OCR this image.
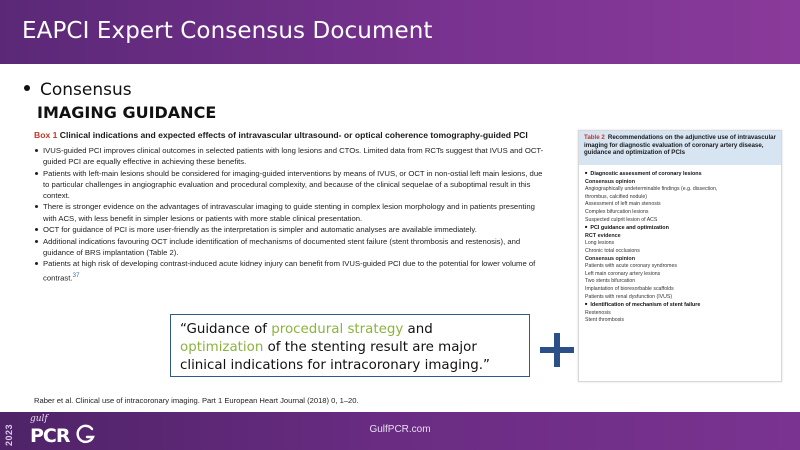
EAPCI Expert Consensus Document
Consensus
IMAGING GUIDANCE
Box 1 Clinical indications and expected effects of intravascular ultrasound- or optical coherence tomography-guided PCI
IVUS-guided PCI improves clinical outcomes in selected patients with long lesions and CTOs. Limited data from RCTs suggest that IVUS and OCT-guided PCI are equally effective in achieving these benefits.
Patients with left-main lesions should be considered for imaging-guided interventions by means of IVUS, or OCT in non-ostial left main lesions, due to particular challenges in angiographic evaluation and procedural complexity, and because of the clinical sequelae of a suboptimal result in this context.
There is stronger evidence on the advantages of intravascular imaging to guide stenting in complex lesion morphology and in patients presenting with ACS, with less benefit in simpler lesions or patients with more stable clinical presentation.
OCT for guidance of PCI is more user-friendly as the interpretation is simpler and automatic analyses are available immediately.
Additional indications favouring OCT include identification of mechanisms of documented stent failure (stent thrombosis and restenosis), and guidance of BRS implantation (Table 2).
Patients at high risk of developing contrast-induced acute kidney injury can benefit from IVUS-guided PCI due to the potential for lower volume of contrast.$^{37}$
“Guidance of procedural strategy and optimization of the stenting result are major clinical indications for intracoronary imaging.”
Table 2 Recommendations on the adjunctive use of intravascular imaging for diagnostic evaluation of coronary artery disease, guidance and optimization of PCIs
■ Diagnostic assessment of coronary lesions
Consensus opinion
Angiographically undeterminable findings (e.g. dissection,
thrombus, calcified nodule)
Assessment of left main stenosis
Complex bifurcation lesions
Suspected culprit lesion of ACS
■ PCI guidance and optimization
RCT evidence
Long lesions
Chronic total occlusions
Consensus opinion
Patients with acute coronary syndromes
Left main coronary artery lesions
Two stents bifurcation
Implantation of bioresorbable scaffolds
Patients with renal dysfunction (IVUS)
■ Identification of mechanism of stent failure
Restenosis
Stent thrombosis
Raber et al. Clinical use of intracoronary imaging. Part 1 European Heart Journal (2018) 0, 1–20.
GulfPCR.com
2023
gulf
PCR
